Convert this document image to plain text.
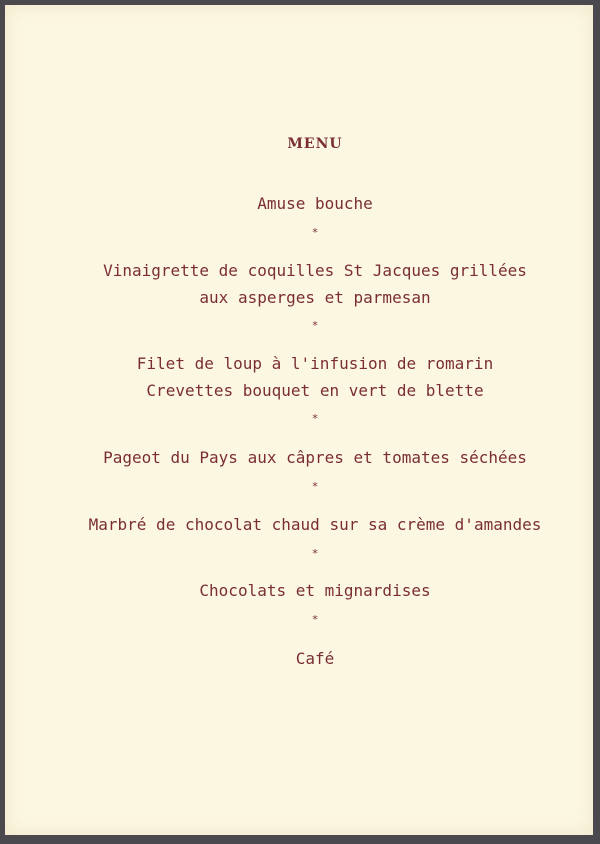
MENU
Amuse bouche
*
Vinaigrette de coquilles St Jacques grillées
aux asperges et parmesan
*
Filet de loup à l'infusion de romarin
Crevettes bouquet en vert de blette
*
Pageot du Pays aux câpres et tomates séchées
*
Marbré de chocolat chaud sur sa crème d'amandes
*
Chocolats et mignardises
*
Café
